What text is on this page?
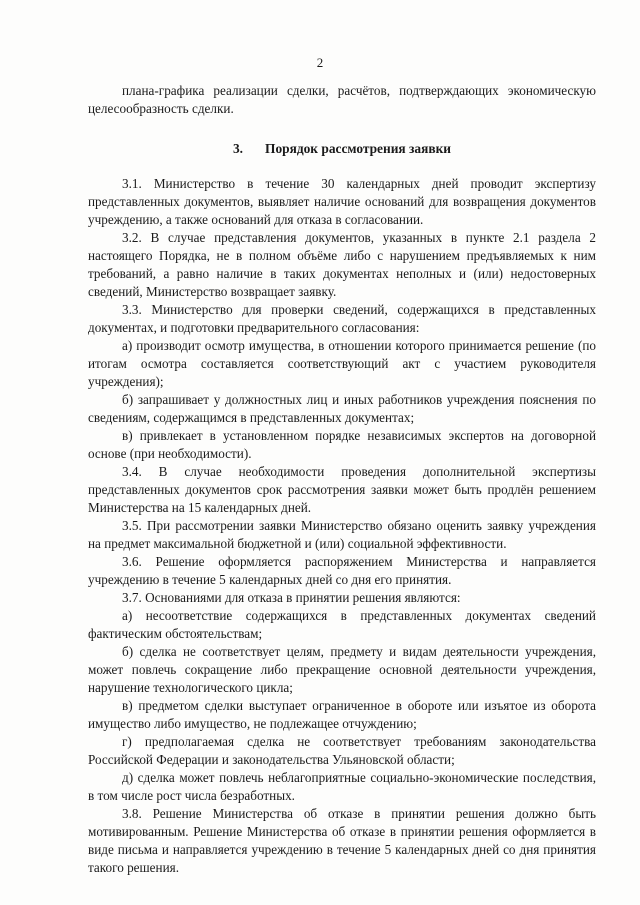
2

плана-графика реализации сделки, расчётов, подтверждающих экономическую целесообразность сделки.

3. Порядок рассмотрения заявки

3.1. Министерство в течение 30 календарных дней проводит экспертизу представленных документов, выявляет наличие оснований для возвращения документов учреждению, а также оснований для отказа в согласовании.

3.2. В случае представления документов, указанных в пункте 2.1 раздела 2 настоящего Порядка, не в полном объёме либо с нарушением предъявляемых к ним требований, а равно наличие в таких документах неполных и (или) недостоверных сведений, Министерство возвращает заявку.

3.3. Министерство для проверки сведений, содержащихся в представленных документах, и подготовки предварительного согласования:

а) производит осмотр имущества, в отношении которого принимается решение (по итогам осмотра составляется соответствующий акт с участием руководителя учреждения);

б) запрашивает у должностных лиц и иных работников учреждения пояснения по сведениям, содержащимся в представленных документах;

в) привлекает в установленном порядке независимых экспертов на договорной основе (при необходимости).

3.4. В случае необходимости проведения дополнительной экспертизы представленных документов срок рассмотрения заявки может быть продлён решением Министерства на 15 календарных дней.

3.5. При рассмотрении заявки Министерство обязано оценить заявку учреждения на предмет максимальной бюджетной и (или) социальной эффективности.

3.6. Решение оформляется распоряжением Министерства и направляется учреждению в течение 5 календарных дней со дня его принятия.

3.7. Основаниями для отказа в принятии решения являются:

а) несоответствие содержащихся в представленных документах сведений фактическим обстоятельствам;

б) сделка не соответствует целям, предмету и видам деятельности учреждения, может повлечь сокращение либо прекращение основной деятельности учреждения, нарушение технологического цикла;

в) предметом сделки выступает ограниченное в обороте или изъятое из оборота имущество либо имущество, не подлежащее отчуждению;

г) предполагаемая сделка не соответствует требованиям законодательства Российской Федерации и законодательства Ульяновской области;

д) сделка может повлечь неблагоприятные социально-экономические последствия, в том числе рост числа безработных.

3.8. Решение Министерства об отказе в принятии решения должно быть мотивированным. Решение Министерства об отказе в принятии решения оформляется в виде письма и направляется учреждению в течение 5 календарных дней со дня принятия такого решения.
